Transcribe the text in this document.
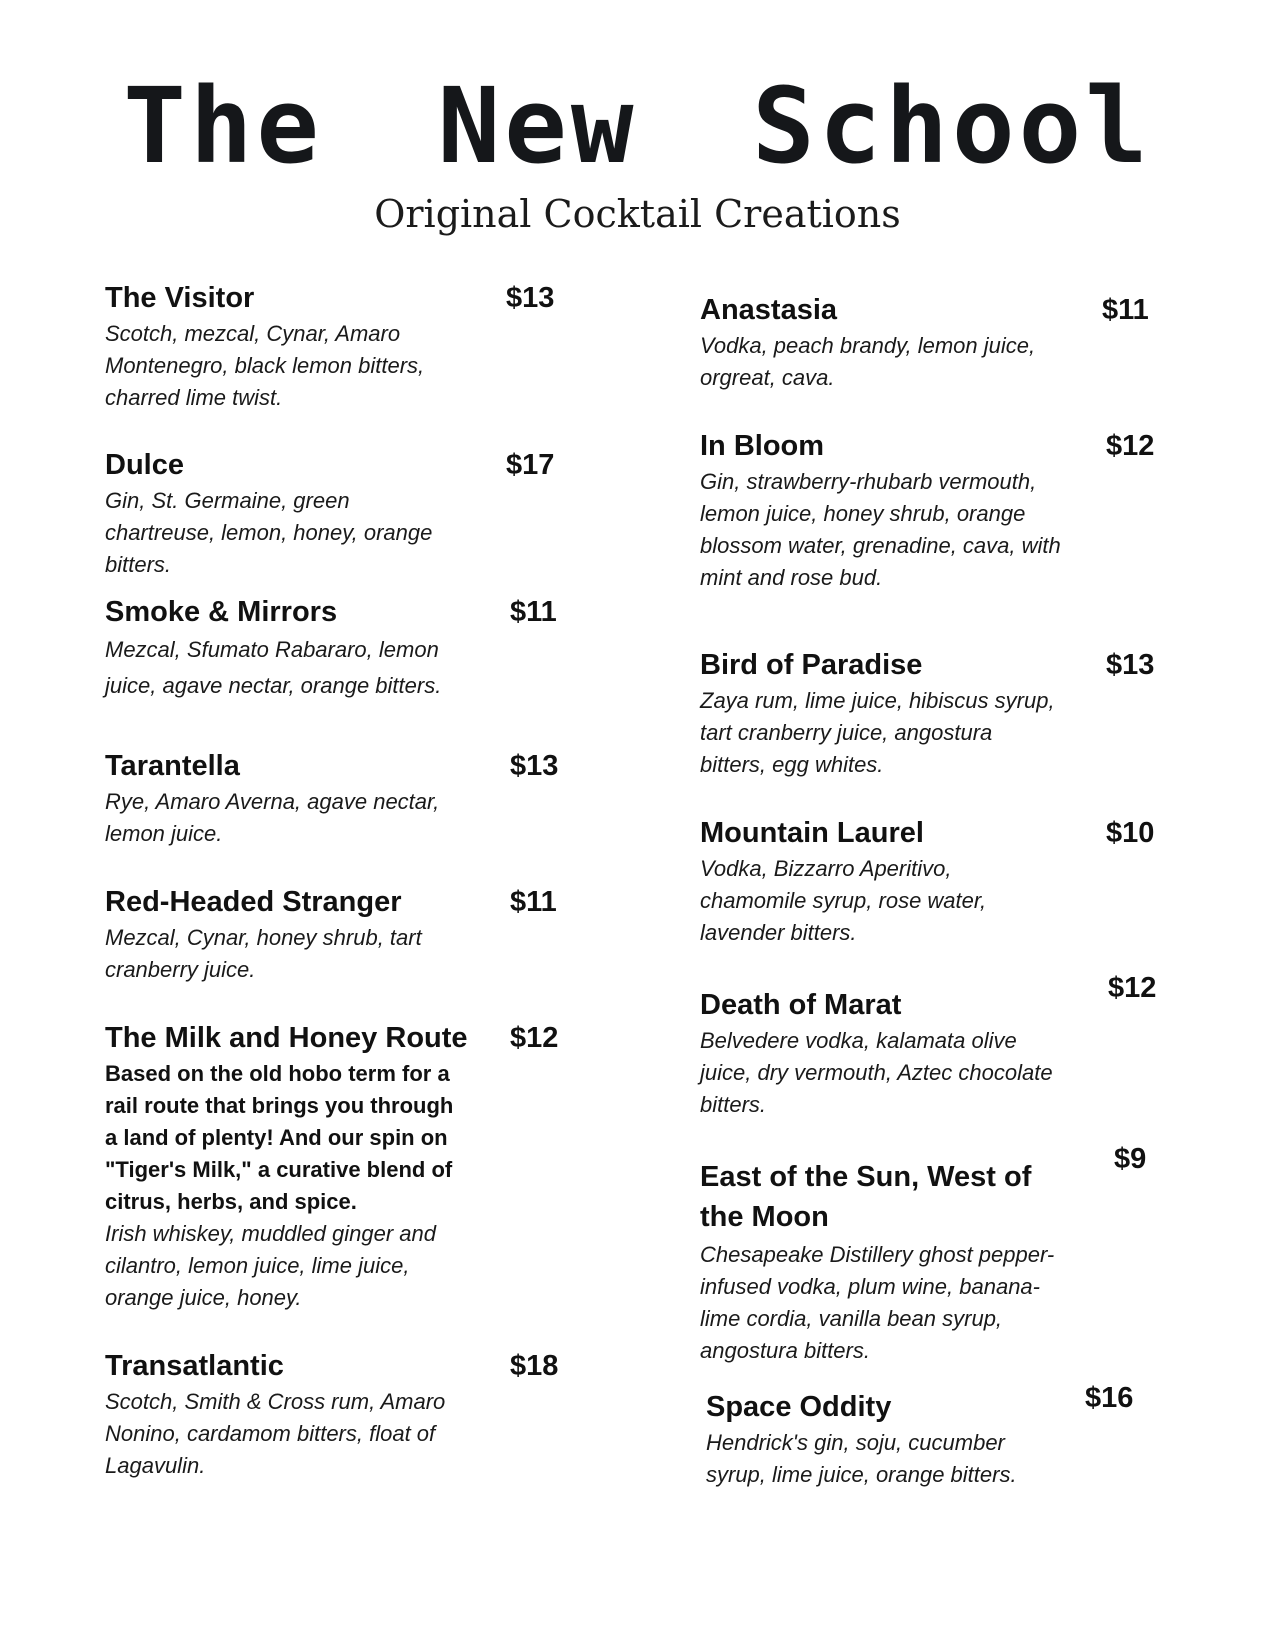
The New School
Original Cocktail Creations
The Visitor
Scotch, mezcal, Cynar, Amaro Montenegro, black lemon bitters, charred lime twist.
$13
Dulce
Gin, St. Germaine, green chartreuse, lemon, honey, orange bitters.
$17
Smoke & Mirrors
Mezcal, Sfumato Rabararo, lemon juice, agave nectar, orange bitters.
$11
Tarantella
Rye, Amaro Averna, agave nectar, lemon juice.
$13
Red-Headed Stranger
Mezcal, Cynar, honey shrub, tart cranberry juice.
$11
The Milk and Honey Route
Based on the old hobo term for a rail route that brings you through a land of plenty! And our spin on "Tiger's Milk," a curative blend of citrus, herbs, and spice.
Irish whiskey, muddled ginger and cilantro, lemon juice, lime juice, orange juice, honey.
$12
Transatlantic
Scotch, Smith & Cross rum, Amaro Nonino, cardamom bitters, float of Lagavulin.
$18
Anastasia
Vodka, peach brandy, lemon juice, orgreat, cava.
$11
In Bloom
Gin, strawberry-rhubarb vermouth, lemon juice, honey shrub, orange blossom water, grenadine, cava, with mint and rose bud.
$12
Bird of Paradise
Zaya rum, lime juice, hibiscus syrup, tart cranberry juice, angostura bitters, egg whites.
$13
Mountain Laurel
Vodka, Bizzarro Aperitivo, chamomile syrup, rose water, lavender bitters.
$10
Death of Marat
Belvedere vodka, kalamata olive juice, dry vermouth, Aztec chocolate bitters.
$12
East of the Sun, West of the Moon
Chesapeake Distillery ghost pepper-infused vodka, plum wine, banana-lime cordia, vanilla bean syrup, angostura bitters.
$9
Space Oddity
Hendrick's gin, soju, cucumber syrup, lime juice, orange bitters.
$16
